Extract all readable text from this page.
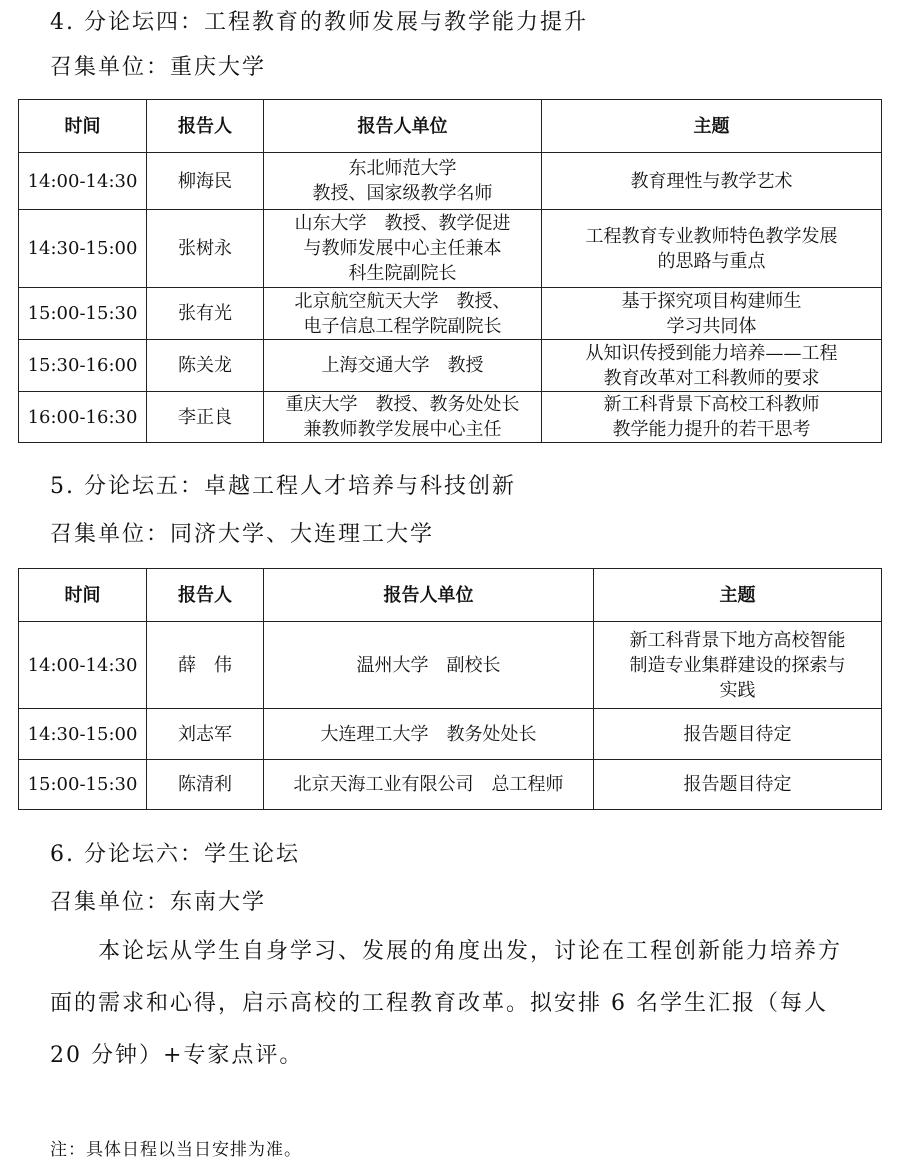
4. 分论坛四：工程教育的教师发展与教学能力提升
召集单位：重庆大学
时间	报告人	报告人单位	主题
14:00-14:30	柳海民	东北师范大学
教授、国家级教学名师	教育理性与教学艺术
14:30-15:00	张树永	山东大学　教授、教学促进
与教师发展中心主任兼本
科生院副院长	工程教育专业教师特色教学发展
的思路与重点
15:00-15:30	张有光	北京航空航天大学　教授、
电子信息工程学院副院长	基于探究项目构建师生
学习共同体
15:30-16:00	陈关龙	上海交通大学　教授	从知识传授到能力培养——工程
教育改革对工科教师的要求
16:00-16:30	李正良	重庆大学　教授、教务处处长
兼教师教学发展中心主任	新工科背景下高校工科教师
教学能力提升的若干思考
5. 分论坛五：卓越工程人才培养与科技创新
召集单位：同济大学、大连理工大学
时间	报告人	报告人单位	主题
14:00-14:30	薛　伟	温州大学　副校长	新工科背景下地方高校智能
制造专业集群建设的探索与
实践
14:30-15:00	刘志军	大连理工大学　教务处处长	报告题目待定
15:00-15:30	陈清利	北京天海工业有限公司　总工程师	报告题目待定
6. 分论坛六：学生论坛
召集单位：东南大学
　　本论坛从学生自身学习、发展的角度出发，讨论在工程创新能力培养方面的需求和心得，启示高校的工程教育改革。拟安排 6 名学生汇报（每人 20 分钟）+专家点评。
注：具体日程以当日安排为准。
